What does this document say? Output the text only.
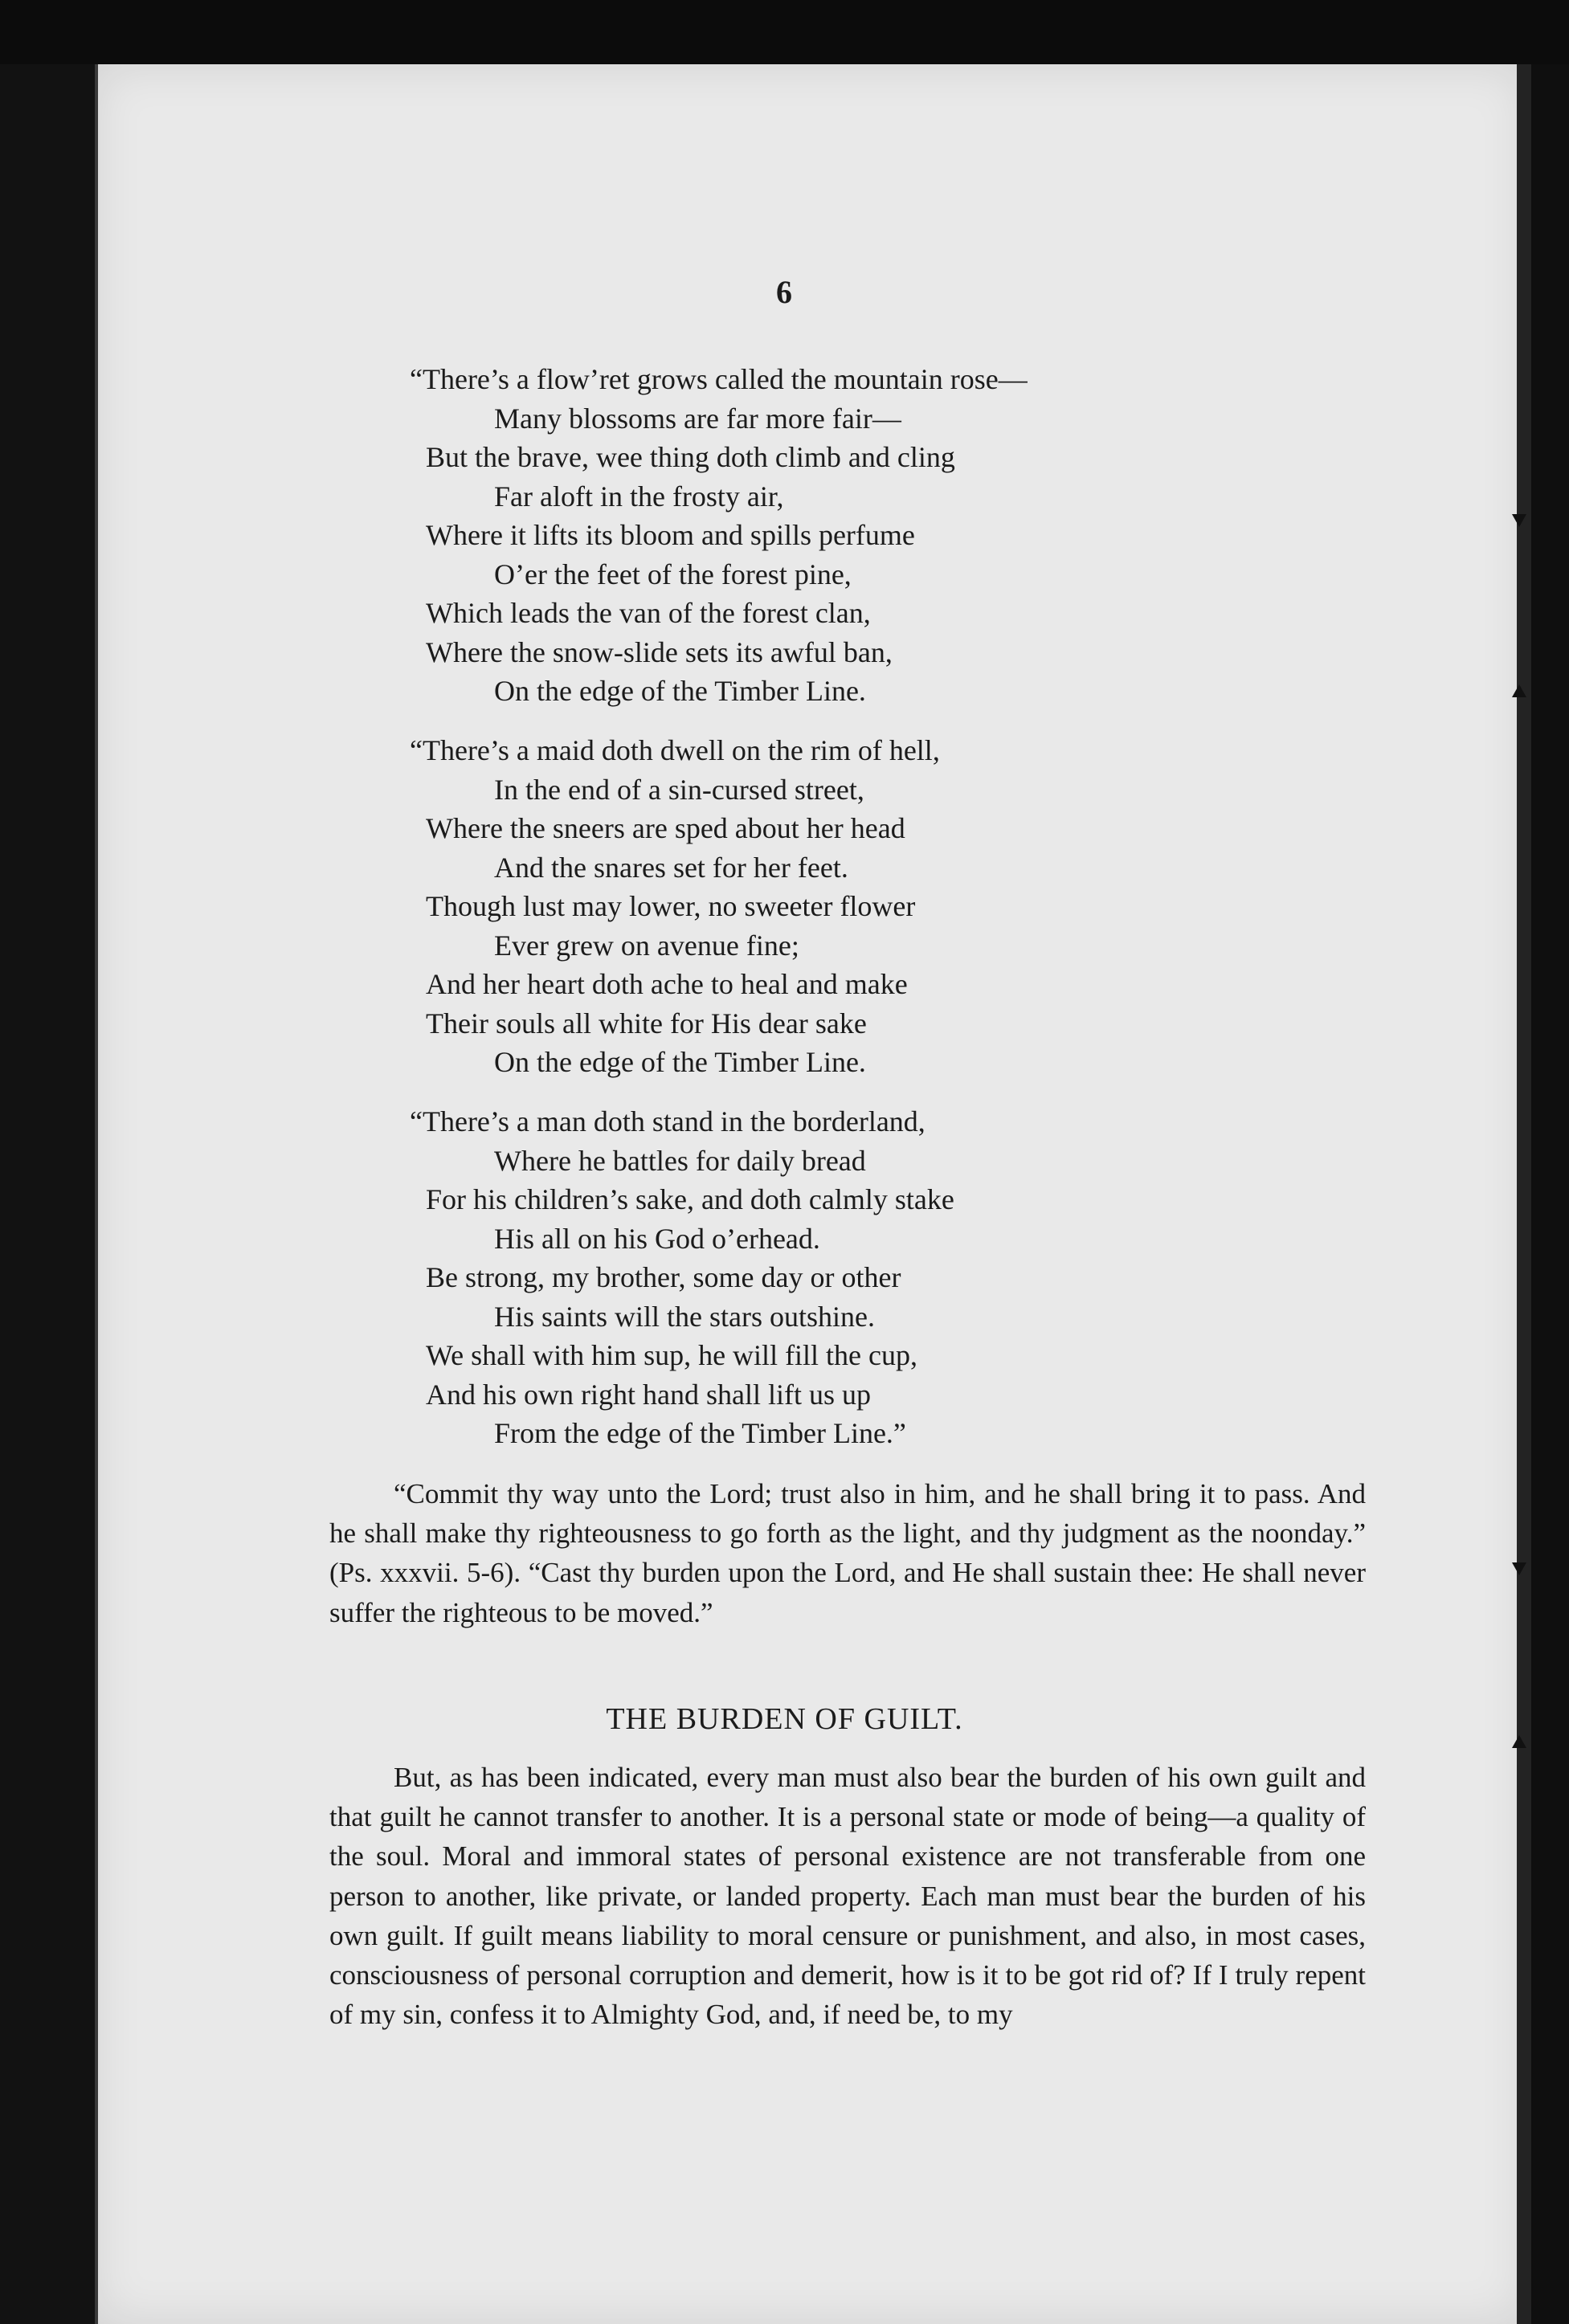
6
“There’s a flow’ret grows called the mountain rose—
Many blossoms are far more fair—
But the brave, wee thing doth climb and cling
Far aloft in the frosty air,
Where it lifts its bloom and spills perfume
O’er the feet of the forest pine,
Which leads the van of the forest clan,
Where the snow-slide sets its awful ban,
On the edge of the Timber Line.
“There’s a maid doth dwell on the rim of hell,
In the end of a sin-cursed street,
Where the sneers are sped about her head
And the snares set for her feet.
Though lust may lower, no sweeter flower
Ever grew on avenue fine;
And her heart doth ache to heal and make
Their souls all white for His dear sake
On the edge of the Timber Line.
“There’s a man doth stand in the borderland,
Where he battles for daily bread
For his children’s sake, and doth calmly stake
His all on his God o’erhead.
Be strong, my brother, some day or other
His saints will the stars outshine.
We shall with him sup, he will fill the cup,
And his own right hand shall lift us up
From the edge of the Timber Line.”

“Commit thy way unto the Lord; trust also in him, and he shall bring it to pass. And he shall make thy righteousness to go forth as the light, and thy judgment as the noonday.” (Ps. xxxvii. 5-6). “Cast thy burden upon the Lord, and He shall sustain thee: He shall never suffer the righteous to be moved.”

THE BURDEN OF GUILT.

But, as has been indicated, every man must also bear the burden of his own guilt and that guilt he cannot transfer to another. It is a personal state or mode of being—a quality of the soul. Moral and immoral states of personal existence are not transferable from one person to another, like private, or landed property. Each man must bear the burden of his own guilt. If guilt means liability to moral censure or punishment, and also, in most cases, consciousness of personal corruption and demerit, how is it to be got rid of? If I truly repent of my sin, confess it to Almighty God, and, if need be, to my
